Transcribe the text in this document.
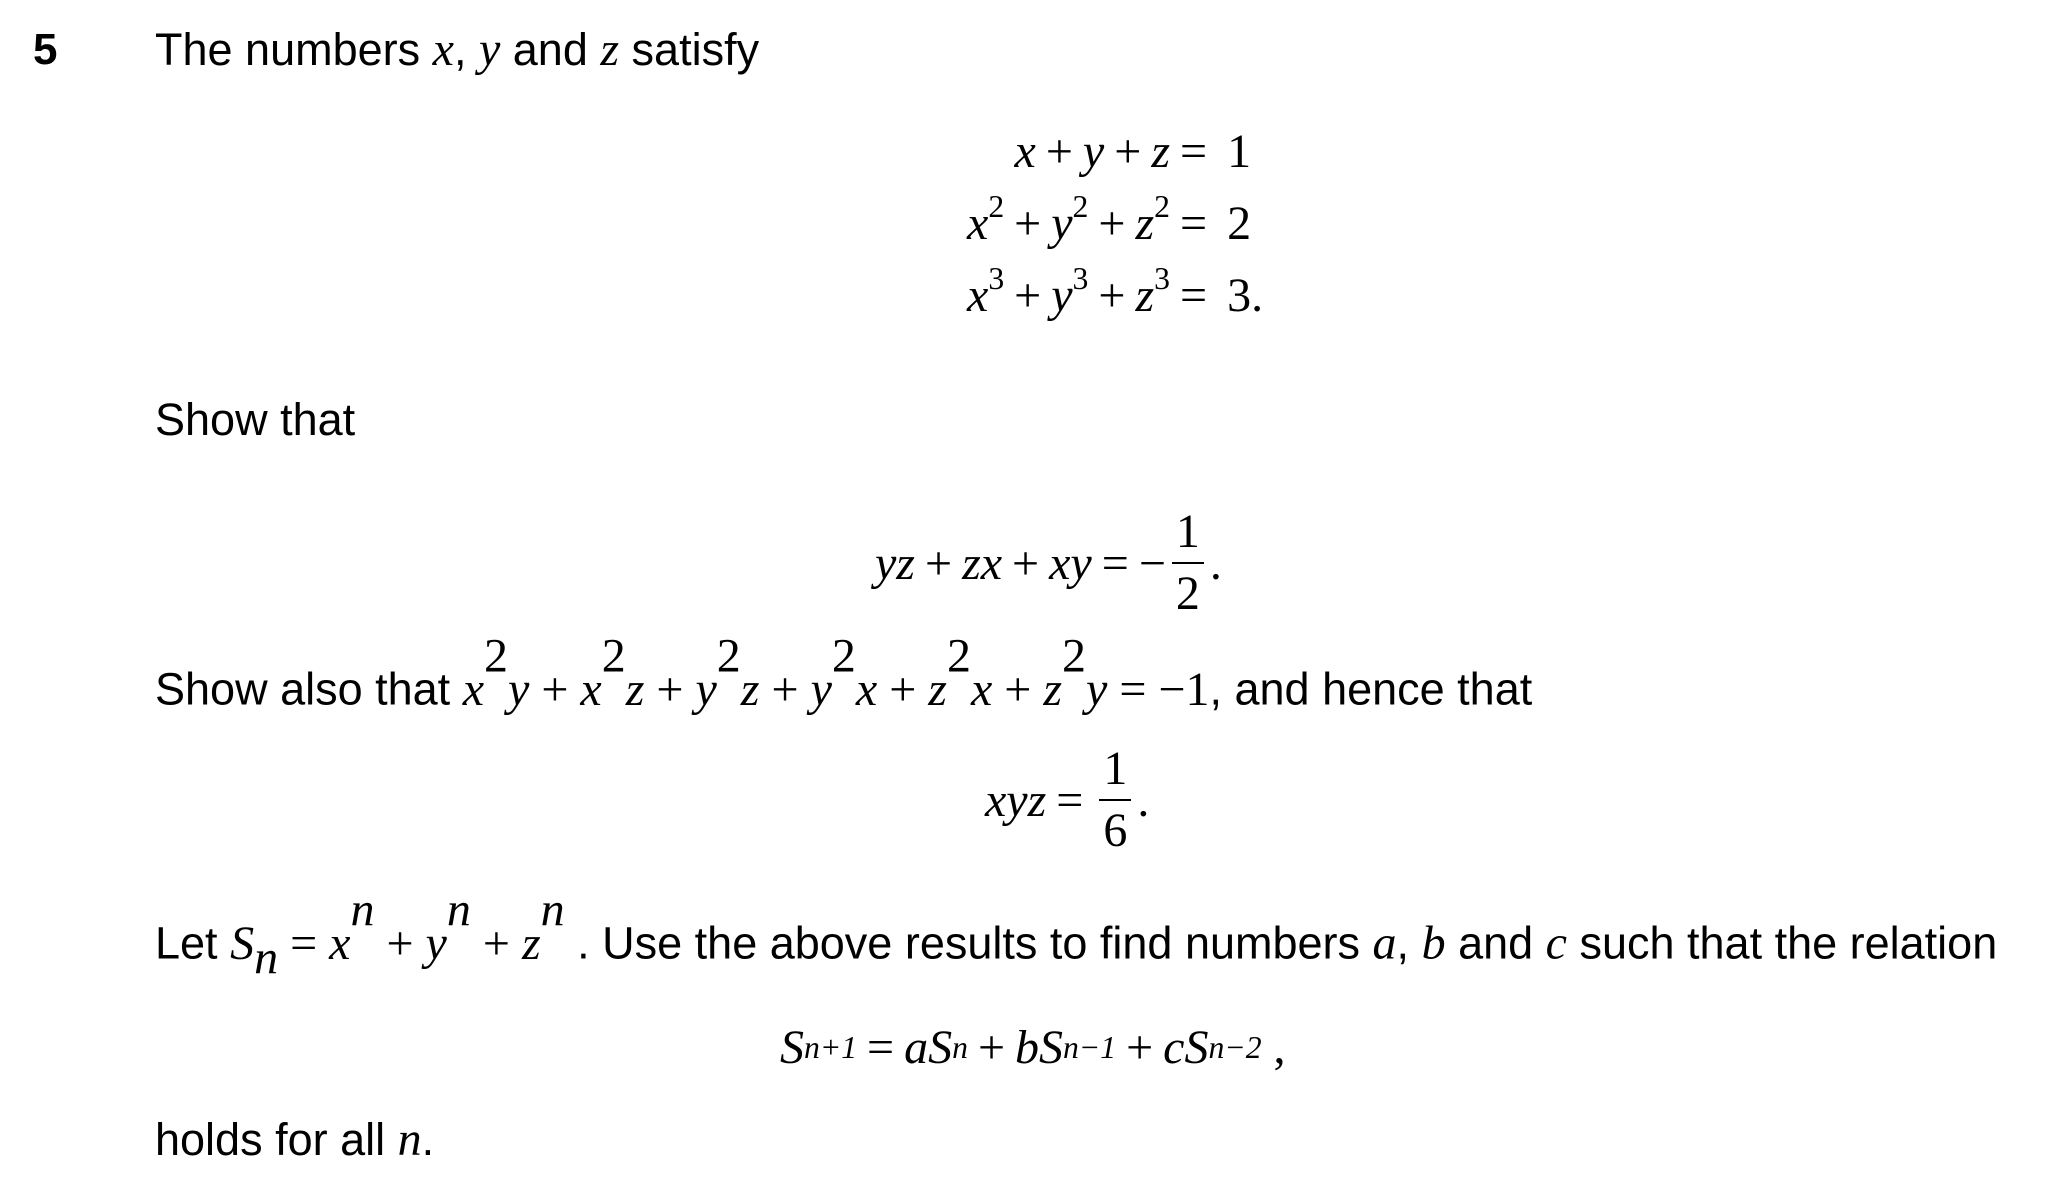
5 The numbers x, y and z satisfy
x + y + z = 1
$x^2 + y^2 + z^2 = 2$
$x^3 + y^3 + z^3 = 3$.
Show that
yz + zx + xy = − $\frac{1}{2}$ .
Show also that $x^2y + x^2z + y^2z + y^2x + z^2x + z^2y = -1$, and hence that
xyz = $\frac{1}{6}$ .
Let $S_n = x^n + y^n + z^n$ . Use the above results to find numbers a, b and c such that the relation
S n+1 = aS n + bS n−1 + cS n−2 ,
holds for all n.
